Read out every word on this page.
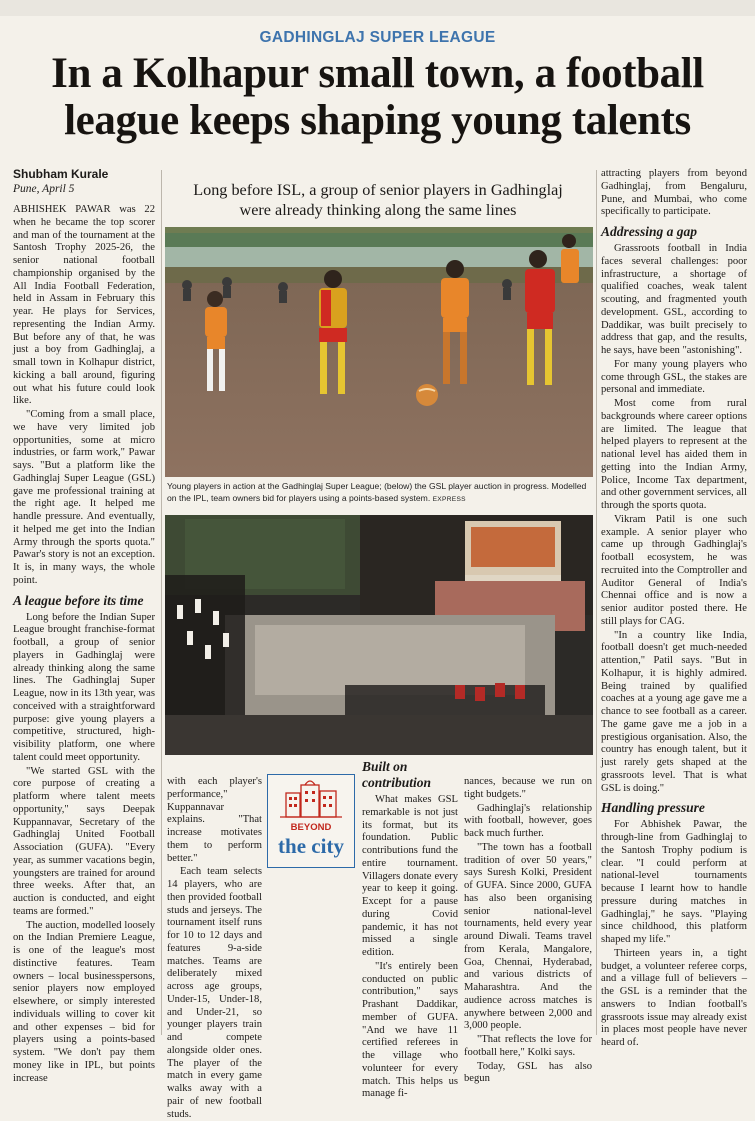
GADHINGLAJ SUPER LEAGUE
In a Kolhapur small town, a football
league keeps shaping young talents
Shubham Kurale
Pune, April 5

ABHISHEK PAWAR was 22 when he became the top scorer and man of the tournament at the Santosh Trophy 2025-26, the senior national football championship organised by the All India Football Federation, held in Assam in February this year. He plays for Services, representing the Indian Army. But before any of that, he was just a boy from Gadhinglaj, a small town in Kolhapur district, kicking a ball around, figuring out what his future could look like.

"Coming from a small place, we have very limited job opportunities, some at micro industries, or farm work," Pawar says. "But a platform like the Gadhinglaj Super League (GSL) gave me professional training at the right age. It helped me handle pressure. And eventually, it helped me get into the Indian Army through the sports quota." Pawar's story is not an exception. It is, in many ways, the whole point.

A league before its time

Long before the Indian Super League brought franchise-format football, a group of senior players in Gadhinglaj were already thinking along the same lines. The Gadhinglaj Super League, now in its 13th year, was conceived with a straightforward purpose: give young players a competitive, structured, high-visibility platform, one where talent could meet opportunity.

"We started GSL with the core purpose of creating a platform where talent meets opportunity," says Deepak Kuppannavar, Secretary of the Gadhinglaj United Football Association (GUFA). "Every year, as summer vacations begin, youngsters are trained for around three weeks. After that, an auction is conducted, and eight teams are formed."

The auction, modelled loosely on the Indian Premiere League, is one of the league's most distinctive features. Team owners – local businesspersons, senior players now employed elsewhere, or simply interested individuals willing to cover kit and other expenses – bid for players using a points-based system. "We don't pay them money like in IPL, but points increase

Long before ISL, a group of senior players in Gadhinglaj
were already thinking along the same lines
Young players in action at the Gadhinglaj Super League; (below) the GSL player auction in progress. Modelled on the IPL, team owners bid for players using a points-based system. EXPRESS

with each player's performance," Kuppannavar explains. "That increase motivates them to perform better."

Each team selects 14 players, who are then provided football studs and jerseys. The tournament itself runs for 10 to 12 days and features 9-a-side matches. Teams are deliberately mixed across age groups, Under-15, Under-18, and Under-21, so younger players train and compete alongside older ones. The player of the match in every game walks away with a pair of new football studs.

BEYOND
the city
Built on contribution

What makes GSL remarkable is not just its format, but its foundation. Public contributions fund the entire tournament. Villagers donate every year to keep it going. Except for a pause during Covid pandemic, it has not missed a single edition.

"It's entirely been conducted on public contribution," says Prashant Daddikar, member of GUFA. "And we have 11 certified referees in the village who volunteer for every match. This helps us manage fi-

nances, because we run on tight budgets."

Gadhinglaj's relationship with football, however, goes back much further.

"The town has a football tradition of over 50 years," says Suresh Kolki, President of GUFA. Since 2000, GUFA has also been organising senior national-level tournaments, held every year around Diwali. Teams travel from Kerala, Mangalore, Goa, Chennai, Hyderabad, and various districts of Maharashtra. And the audience across matches is anywhere between 2,000 and 3,000 people.

"That reflects the love for football here," Kolki says.

Today, GSL has also begun

attracting players from beyond Gadhinglaj, from Bengaluru, Pune, and Mumbai, who come specifically to participate.

Addressing a gap

Grassroots football in India faces several challenges: poor infrastructure, a shortage of qualified coaches, weak talent scouting, and fragmented youth development. GSL, according to Daddikar, was built precisely to address that gap, and the results, he says, have been "astonishing".

For many young players who come through GSL, the stakes are personal and immediate.

Most come from rural backgrounds where career options are limited. The league that helped players to represent at the national level has aided them in getting into the Indian Army, Police, Income Tax department, and other government services, all through the sports quota.

Vikram Patil is one such example. A senior player who came up through Gadhinglaj's football ecosystem, he was recruited into the Comptroller and Auditor General of India's Chennai office and is now a senior auditor posted there. He still plays for CAG.

"In a country like India, football doesn't get much-needed attention," Patil says. "But in Kolhapur, it is highly admired. Being trained by qualified coaches at a young age gave me a chance to see football as a career. The game gave me a job in a prestigious organisation. Also, the country has enough talent, but it just rarely gets shaped at the grassroots level. That is what GSL is doing."

Handling pressure

For Abhishek Pawar, the through-line from Gadhinglaj to the Santosh Trophy podium is clear. "I could perform at national-level tournaments because I learnt how to handle pressure during matches in Gadhinglaj," he says. "Playing since childhood, this platform shaped my life."

Thirteen years in, a tight budget, a volunteer referee corps, and a village full of believers – the GSL is a reminder that the answers to Indian football's grassroots issue may already exist in places most people have never heard of.
